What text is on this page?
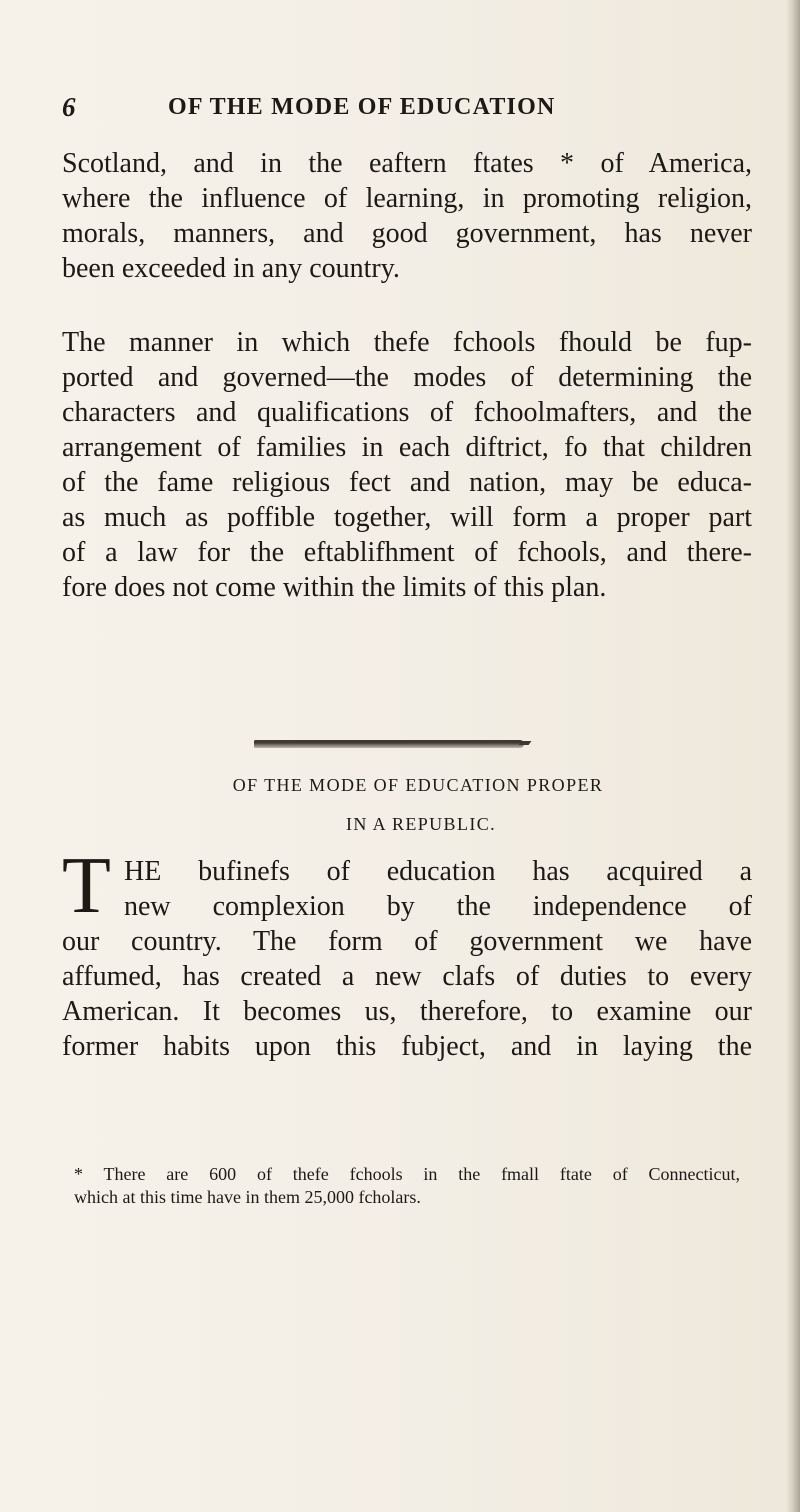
6	OF THE MODE OF EDUCATION

Scotland, and in the eaftern ftates * of America,
where the influence of learning, in promoting religion,
morals, manners, and good government, has never
been exceeded in any country.

The manner in which thefe fchools fhould be fup-
ported and governed—the modes of determining the
characters and qualifications of fchoolmafters, and the
arrangement of families in each diftrict, fo that children
of the fame religious fect and nation, may be educa-
as much as poffible together, will form a proper part
of a law for the eftablifhment of fchools, and there-
fore does not come within the limits of this plan.

OF THE MODE OF EDUCATION PROPER
IN A REPUBLIC.
T HE bufinefs of education has acquired a
new complexion by the independence of
our country. The form of government we have
affumed, has created a new clafs of duties to every
American. It becomes us, therefore, to examine our
former habits upon this fubject, and in laying the

* There are 600 of thefe fchools in the fmall ftate of Connecticut,
which at this time have in them 25,000 fcholars.
